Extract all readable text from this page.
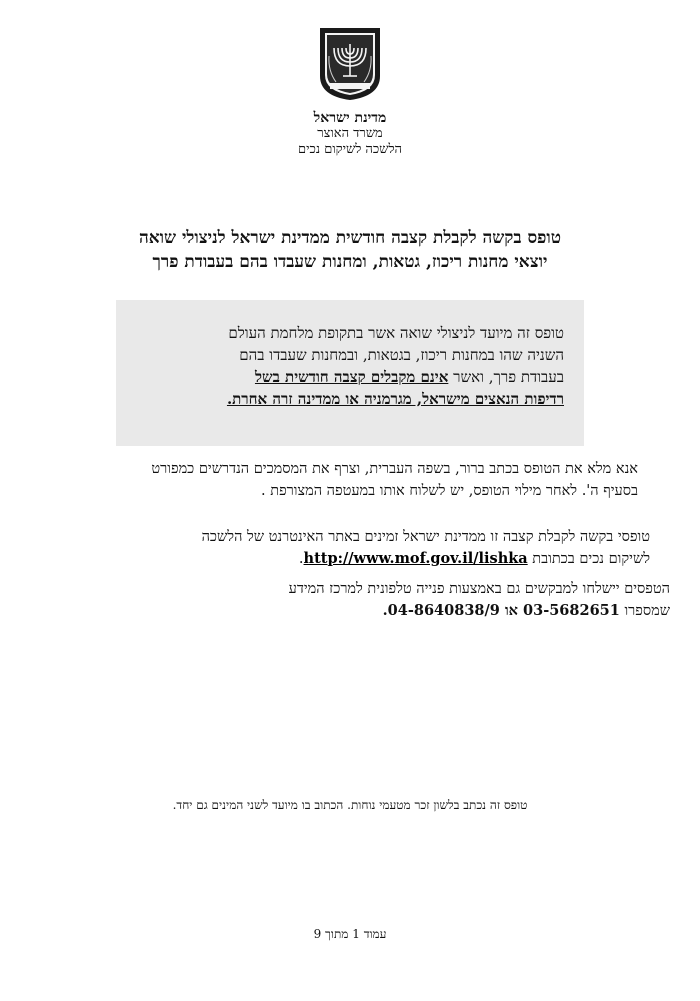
מדינת ישראל
משרד האוצר
הלשכה לשיקום נכים
טופס בקשה לקבלת קצבה חודשית ממדינת ישראל לניצולי שואה
יוצאי מחנות ריכוז, גטאות, ומחנות שעבדו בהם בעבודת פרך
טופס זה מיועד לניצולי שואה אשר בתקופת מלחמת העולם
השניה שהו במחנות ריכוז, בגטאות, ובמחנות שעבדו בהם
בעבודת פרך, ואשר אינם מקבלים קצבה חודשית בשל
רדיפות הנאצים מישראל, מגרמניה או ממדינה זרה אחרת.
אנא מלא את הטופס בכתב ברור, בשפה העברית, וצרף את המסמכים הנדרשים כמפורט
בסעיף ה'. לאחר מילוי הטופס, יש לשלוח אותו במעטפה המצורפת .
טופסי בקשה לקבלת קצבה זו ממדינת ישראל זמינים באתר האינטרנט של הלשכה
לשיקום נכים בכתובת http://www.mof.gov.il/lishka.
הטפסים יישלחו למבקשים גם באמצעות פנייה טלפונית למרכז המידע
שמספרו 03-5682651 או 04-8640838/9.
טופס זה נכתב בלשון זכר מטעמי נוחות. הכתוב בו מיועד לשני המינים גם יחד.
עמוד 1 מתוך 9
